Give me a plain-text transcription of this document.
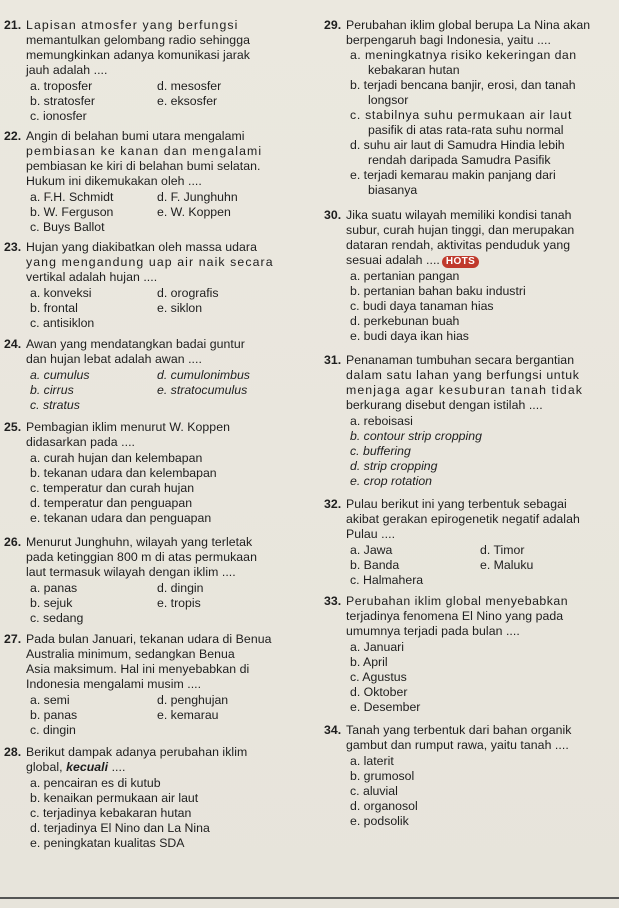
21. Lapisan atmosfer yang berfungsi
memantulkan gelombang radio sehingga
memungkinkan adanya komunikasi jarak
jauh adalah ....
a. troposfer	d. mesosfer
b. stratosfer	e. eksosfer
c. ionosfer
22. Angin di belahan bumi utara mengalami
pembiasan ke kanan dan mengalami
pembiasan ke kiri di belahan bumi selatan.
Hukum ini dikemukakan oleh ....
a. F.H. Schmidt	d. F. Junghuhn
b. W. Ferguson	e. W. Koppen
c. Buys Ballot
23. Hujan yang diakibatkan oleh massa udara
yang mengandung uap air naik secara
vertikal adalah hujan ....
a. konveksi	d. orografis
b. frontal	e. siklon
c. antisiklon
24. Awan yang mendatangkan badai guntur
dan hujan lebat adalah awan ....
a. cumulus	d. cumulonimbus
b. cirrus	e. stratocumulus
c. stratus
25. Pembagian iklim menurut W. Koppen
didasarkan pada ....
a. curah hujan dan kelembapan
b. tekanan udara dan kelembapan
c. temperatur dan curah hujan
d. temperatur dan penguapan
e. tekanan udara dan penguapan
26. Menurut Junghuhn, wilayah yang terletak
pada ketinggian 800 m di atas permukaan
laut termasuk wilayah dengan iklim ....
a. panas	d. dingin
b. sejuk	e. tropis
c. sedang
27. Pada bulan Januari, tekanan udara di Benua
Australia minimum, sedangkan Benua
Asia maksimum. Hal ini menyebabkan di
Indonesia mengalami musim ....
a. semi	d. penghujan
b. panas	e. kemarau
c. dingin
28. Berikut dampak adanya perubahan iklim
global, kecuali ....
a. pencairan es di kutub
b. kenaikan permukaan air laut
c. terjadinya kebakaran hutan
d. terjadinya El Nino dan La Nina
e. peningkatan kualitas SDA
29. Perubahan iklim global berupa La Nina akan
berpengaruh bagi Indonesia, yaitu ....
a. meningkatnya risiko kekeringan dan
kebakaran hutan
b. terjadi bencana banjir, erosi, dan tanah
longsor
c. stabilnya suhu permukaan air laut
pasifik di atas rata-rata suhu normal
d. suhu air laut di Samudra Hindia lebih
rendah daripada Samudra Pasifik
e. terjadi kemarau makin panjang dari
biasanya
30. Jika suatu wilayah memiliki kondisi tanah
subur, curah hujan tinggi, dan merupakan
dataran rendah, aktivitas penduduk yang
sesuai adalah .... HOTS
a. pertanian pangan
b. pertanian bahan baku industri
c. budi daya tanaman hias
d. perkebunan buah
e. budi daya ikan hias
31. Penanaman tumbuhan secara bergantian
dalam satu lahan yang berfungsi untuk
menjaga agar kesuburan tanah tidak
berkurang disebut dengan istilah ....
a. reboisasi
b. contour strip cropping
c. buffering
d. strip cropping
e. crop rotation
32. Pulau berikut ini yang terbentuk sebagai
akibat gerakan epirogenetik negatif adalah
Pulau ....
a. Jawa	d. Timor
b. Banda	e. Maluku
c. Halmahera
33. Perubahan iklim global menyebabkan
terjadinya fenomena El Nino yang pada
umumnya terjadi pada bulan ....
a. Januari
b. April
c. Agustus
d. Oktober
e. Desember
34. Tanah yang terbentuk dari bahan organik
gambut dan rumput rawa, yaitu tanah ....
a. laterit
b. grumosol
c. aluvial
d. organosol
e. podsolik
